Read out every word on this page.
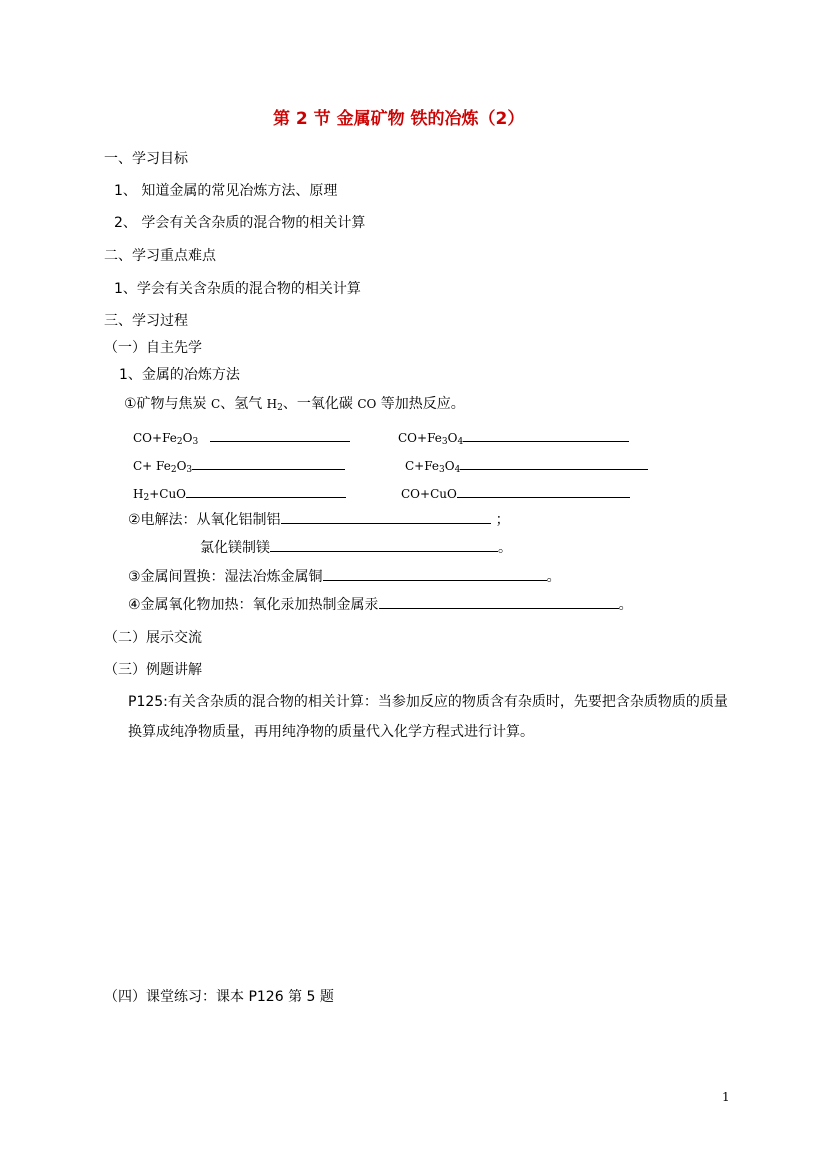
第 2 节 金属矿物 铁的冶炼（2）
一、学习目标
1、 知道金属的常见冶炼方法、原理
2、 学会有关含杂质的混合物的相关计算
二、学习重点难点
1、学会有关含杂质的混合物的相关计算
三、学习过程
（一）自主先学
1、金属的冶炼方法
①矿物与焦炭 C、氢气 $H_2$、一氧化碳 CO 等加热反应。
$CO+Fe_2O_3$	$CO+Fe_3O_4$
$C+ Fe_2O_3$	$C+Fe_3O_4$
$H_2+CuO$	CO+CuO
②电解法：从氧化铝制铝	；
氯化镁制镁	。
③金属间置换：湿法冶炼金属铜	。
④金属氧化物加热：氧化汞加热制金属汞	。
（二）展示交流
（三）例题讲解
P125:有关含杂质的混合物的相关计算：当参加反应的物质含有杂质时，先要把含杂质物质的质量换算成纯净物质量，再用纯净物的质量代入化学方程式进行计算。
（四）课堂练习：课本 P126 第 5 题
1
